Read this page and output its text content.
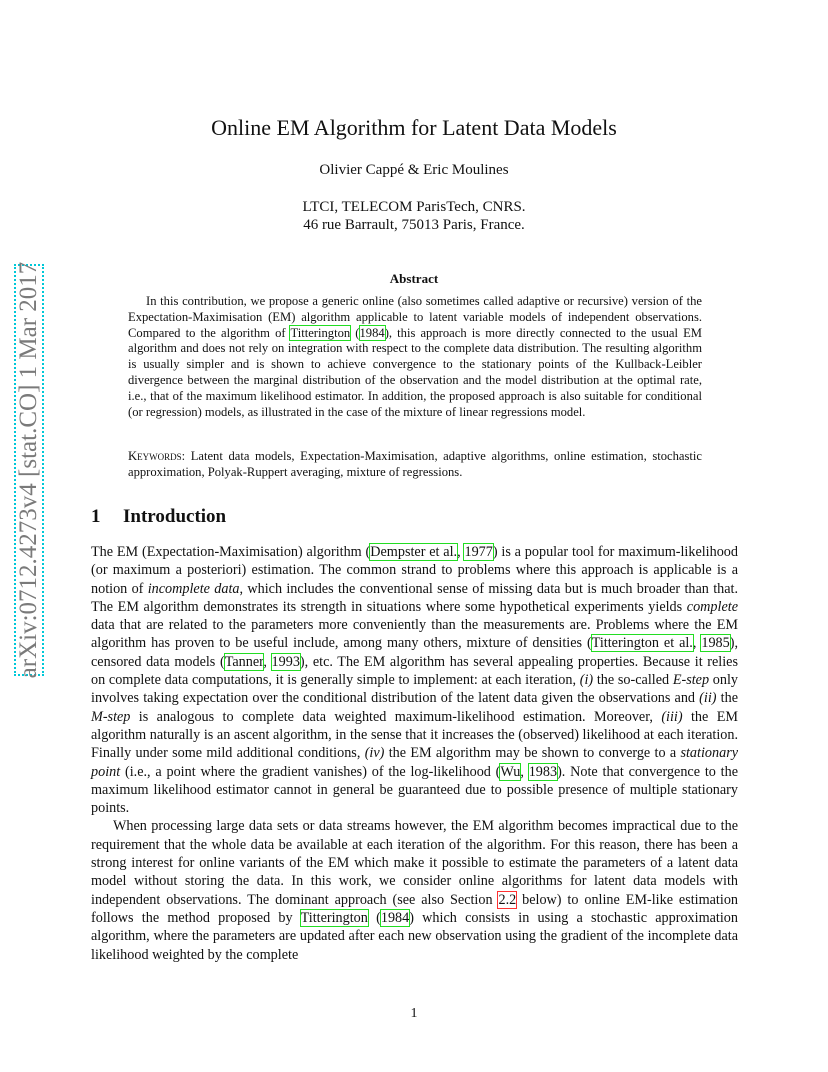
arXiv:0712.4273v4 [stat.CO] 1 Mar 2017
Online EM Algorithm for Latent Data Models
Olivier Cappé & Eric Moulines
LTCI, TELECOM ParisTech, CNRS.
46 rue Barrault, 75013 Paris, France.
Abstract

In this contribution, we propose a generic online (also sometimes called adaptive or recursive) version of the Expectation-Maximisation (EM) algorithm applicable to latent variable models of independent observations. Compared to the algorithm of Titterington (1984), this approach is more directly connected to the usual EM algorithm and does not rely on integration with respect to the complete data distribution. The resulting algorithm is usually simpler and is shown to achieve convergence to the stationary points of the Kullback-Leibler divergence between the marginal distribution of the observation and the model distribution at the optimal rate, i.e., that of the maximum likelihood estimator. In addition, the proposed approach is also suitable for conditional (or regression) models, as illustrated in the case of the mixture of linear regressions model.

Keywords: Latent data models, Expectation-Maximisation, adaptive algorithms, online estimation, stochastic approximation, Polyak-Ruppert averaging, mixture of regressions.
1 Introduction

The EM (Expectation-Maximisation) algorithm (Dempster et al., 1977) is a popular tool for maximum-likelihood (or maximum a posteriori) estimation. The common strand to problems where this approach is applicable is a notion of incomplete data, which includes the conventional sense of missing data but is much broader than that. The EM algorithm demonstrates its strength in situations where some hypothetical experiments yields complete data that are related to the parameters more conveniently than the measurements are. Problems where the EM algorithm has proven to be useful include, among many others, mixture of densities (Titterington et al., 1985), censored data models (Tanner, 1993), etc. The EM algorithm has several appealing properties. Because it relies on complete data computations, it is generally simple to implement: at each iteration, (i) the so-called E-step only involves taking expectation over the conditional distribution of the latent data given the observations and (ii) the M-step is analogous to complete data weighted maximum-likelihood estimation. Moreover, (iii) the EM algorithm naturally is an ascent algorithm, in the sense that it increases the (observed) likelihood at each iteration. Finally under some mild additional conditions, (iv) the EM algorithm may be shown to converge to a stationary point (i.e., a point where the gradient vanishes) of the log-likelihood (Wu, 1983). Note that convergence to the maximum likelihood estimator cannot in general be guaranteed due to possible presence of multiple stationary points.

When processing large data sets or data streams however, the EM algorithm becomes impractical due to the requirement that the whole data be available at each iteration of the algorithm. For this reason, there has been a strong interest for online variants of the EM which make it possible to estimate the parameters of a latent data model without storing the data. In this work, we consider online algorithms for latent data models with independent observations. The dominant approach (see also Section 2.2 below) to online EM-like estimation follows the method proposed by Titterington (1984) which consists in using a stochastic approximation algorithm, where the parameters are updated after each new observation using the gradient of the incomplete data likelihood weighted by the complete

1
